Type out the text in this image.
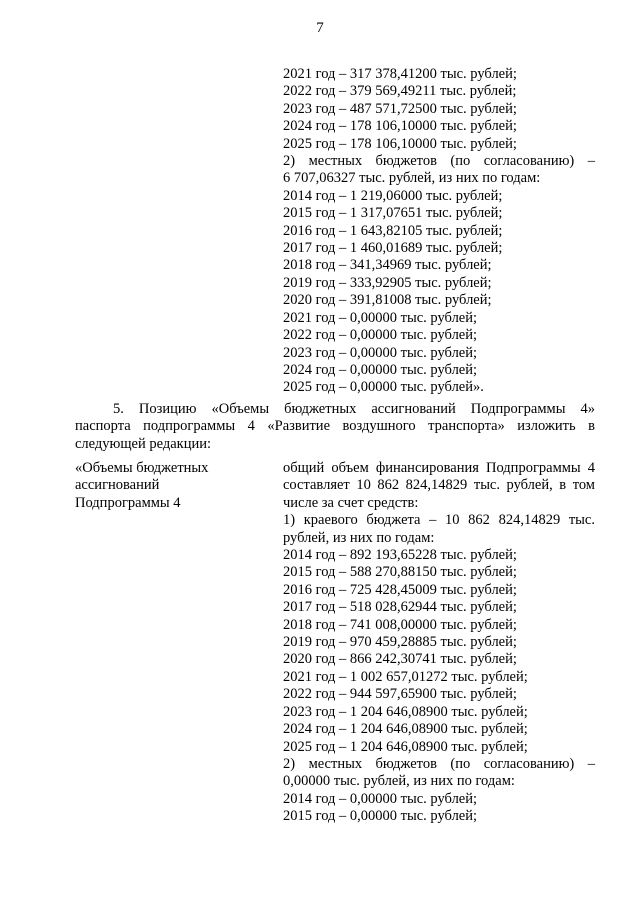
7
2021 год – 317 378,41200 тыс. рублей;
2022 год – 379 569,49211 тыс. рублей;
2023 год – 487 571,72500 тыс. рублей;
2024 год – 178 106,10000 тыс. рублей;
2025 год – 178 106,10000 тыс. рублей;
2) местных бюджетов (по согласованию) –
6 707,06327 тыс. рублей, из них по годам:
2014 год – 1 219,06000 тыс. рублей;
2015 год – 1 317,07651 тыс. рублей;
2016 год – 1 643,82105 тыс. рублей;
2017 год – 1 460,01689 тыс. рублей;
2018 год – 341,34969 тыс. рублей;
2019 год – 333,92905 тыс. рублей;
2020 год – 391,81008 тыс. рублей;
2021 год – 0,00000 тыс. рублей;
2022 год – 0,00000 тыс. рублей;
2023 год – 0,00000 тыс. рублей;
2024 год – 0,00000 тыс. рублей;
2025 год – 0,00000 тыс. рублей».
5. Позицию «Объемы бюджетных ассигнований Подпрограммы 4»
паспорта подпрограммы 4 «Развитие воздушного транспорта» изложить в
следующей редакции:
«Объемы бюджетных
ассигнований
Подпрограммы 4
общий объем финансирования Подпрограммы 4
составляет 10 862 824,14829 тыс. рублей, в том
числе за счет средств:
1) краевого бюджета – 10 862 824,14829 тыс.
рублей, из них по годам:
2014 год – 892 193,65228 тыс. рублей;
2015 год – 588 270,88150 тыс. рублей;
2016 год – 725 428,45009 тыс. рублей;
2017 год – 518 028,62944 тыс. рублей;
2018 год – 741 008,00000 тыс. рублей;
2019 год – 970 459,28885 тыс. рублей;
2020 год – 866 242,30741 тыс. рублей;
2021 год – 1 002 657,01272 тыс. рублей;
2022 год – 944 597,65900 тыс. рублей;
2023 год – 1 204 646,08900 тыс. рублей;
2024 год – 1 204 646,08900 тыс. рублей;
2025 год – 1 204 646,08900 тыс. рублей;
2) местных бюджетов (по согласованию) –
0,00000 тыс. рублей, из них по годам:
2014 год – 0,00000 тыс. рублей;
2015 год – 0,00000 тыс. рублей;
